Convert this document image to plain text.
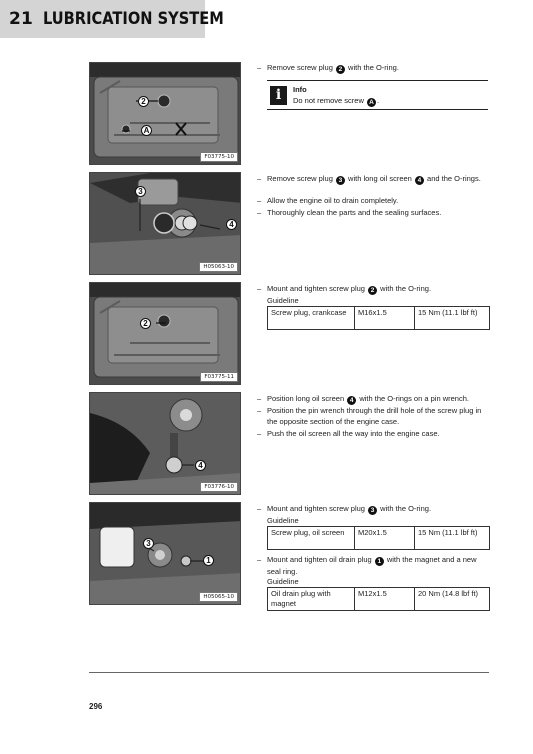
21 LUBRICATION SYSTEM
2
A
F03775-10
3
4
H05063-10
2
F03775-11
4
F03776-10
3
1
H05065-10
– Remove screw plug 2 with the O-ring.
i	Info
Do not remove screw A .
– Remove screw plug 3 with long oil screen 4 and the O-rings.
– Allow the engine oil to drain completely.
– Thoroughly clean the parts and the sealing surfaces.
– Mount and tighten screw plug 2 with the O-ring.
Guideline
Screw plug, crankcase	M16x1.5	15 Nm (11.1 lbf ft)
– Position long oil screen 4 with the O-rings on a pin wrench.
– Position the pin wrench through the drill hole of the screw plug in the opposite section of the engine case.
– Push the oil screen all the way into the engine case.
– Mount and tighten screw plug 3 with the O-ring.
Guideline
Screw plug, oil screen	M20x1.5	15 Nm (11.1 lbf ft)
– Mount and tighten oil drain plug 1 with the magnet and a new seal ring.
Guideline
Oil drain plug with magnet	M12x1.5	20 Nm (14.8 lbf ft)
296
